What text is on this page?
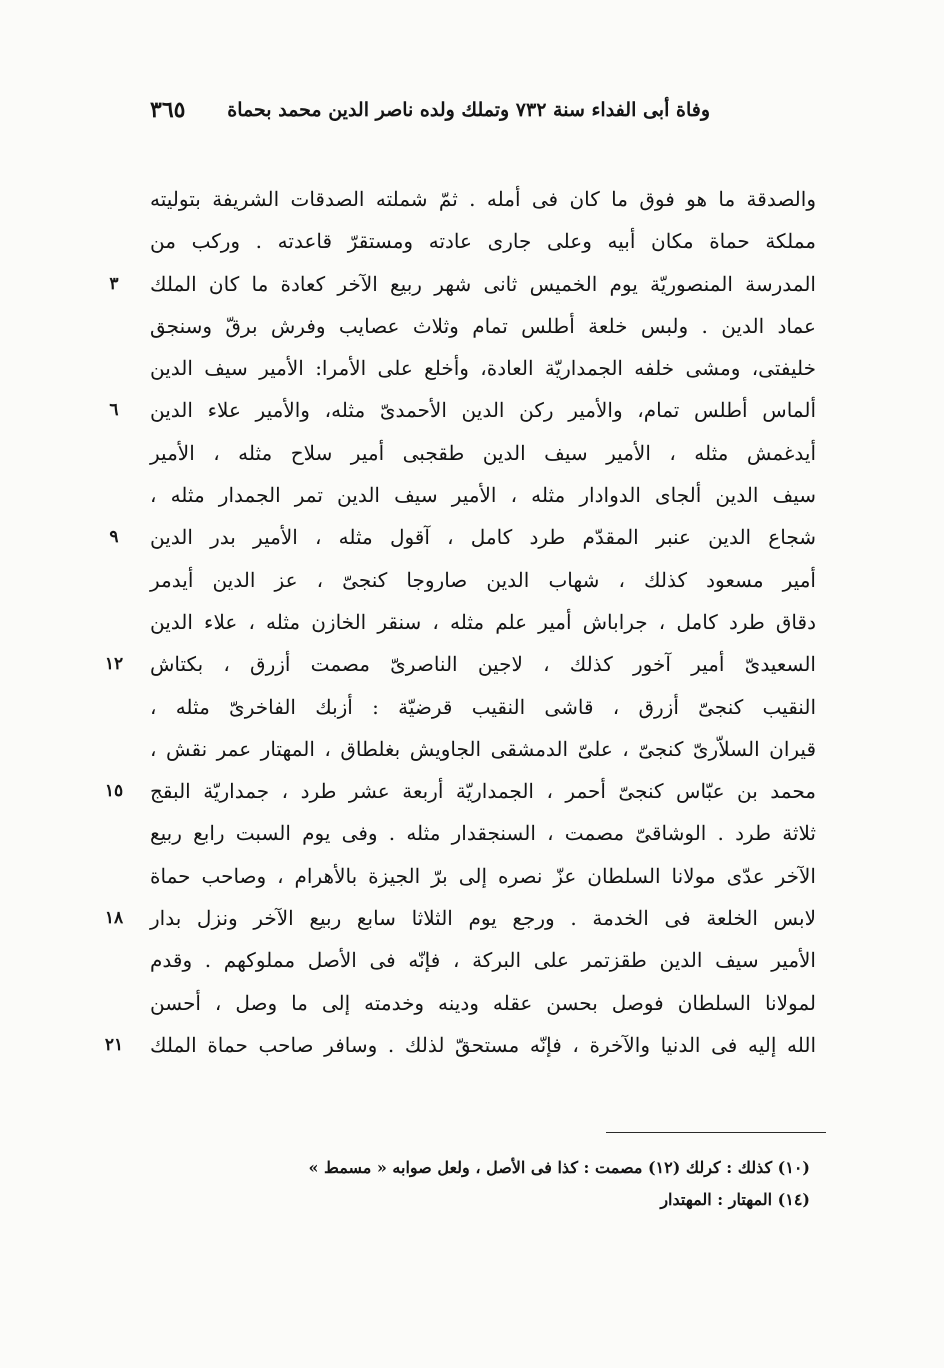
وفاة أبى الفداء سنة ٧٣٢ وتملك ولده ناصر الدين محمد بحماة
٣٦٥
والصدقة ما هو فوق ما كان فى أمله . ثمّ شملته الصدقات الشريفة بتوليته
مملكة حماة مكان أبيه وعلى جارى عادته ومستقرّ قاعدته . وركب من
المدرسة المنصوريّة يوم الخميس ثانى شهر ربيع الآخر كعادة ما كان الملك
٣
عماد الدين . ولبس خلعة أطلس تمام وثلاث عصايب وفرش برقّ وسنجق
خليفتى، ومشى خلفه الجمداريّة العادة، وأخلع على الأمرا: الأمير سيف الدين
ألماس أطلس تمام، والأمير ركن الدين الأحمدىّ مثله، والأمير علاء الدين
٦
أيدغمش مثله ، الأمير سيف الدين طقجبى أمير سلاح مثله ، الأمير
سيف الدين ألجاى الدوادار مثله ، الأمير سيف الدين تمر الجمدار مثله ،
شجاع الدين عنبر المقدّم طرد كامل ، آقول مثله ، الأمير بدر الدين
٩
أمير مسعود كذلك ، شهاب الدين صاروجا كنجىّ ، عز الدين أيدمر
دقاق طرد كامل ، جراباش أمير علم مثله ، سنقر الخازن مثله ، علاء الدين
السعيدىّ أمير آخور كذلك ، لاجين الناصرىّ مصمت أزرق ، بكتاش
١٢
النقيب كنجىّ أزرق ، قاشى النقيب قرضيّة : أزبك الفاخرىّ مثله ،
قيران السلاّرىّ كنجىّ ، علىّ الدمشقى الجاويش بغلطاق ، المهتار عمر نقش ،
محمد بن عبّاس كنجىّ أحمر ، الجمداريّة أربعة عشر طرد ، جمداريّة البقج
١٥
ثلاثة طرد . الوشاقىّ مصمت ، السنجقدار مثله . وفى يوم السبت رابع ربيع
الآخر عدّى مولانا السلطان عزّ نصره إلى برّ الجيزة بالأهرام ، وصاحب حماة
لابس الخلعة فى الخدمة . ورجع يوم الثلاثا سابع ربيع الآخر ونزل بدار
١٨
الأمير سيف الدين طقزتمر على البركة ، فإنّه فى الأصل مملوكهم . وقدم
لمولانا السلطان فوصل بحسن عقله ودينه وخدمته إلى ما وصل ، أحسن
الله إليه فى الدنيا والآخرة ، فإنّه مستحقّ لذلك . وسافر صاحب حماة الملك
٢١
(١٠) كذلك : كرلك (١٢) مصمت : كذا فى الأصل ، ولعل صوابه « مسمط »
(١٤) المهتار : المهتدار
